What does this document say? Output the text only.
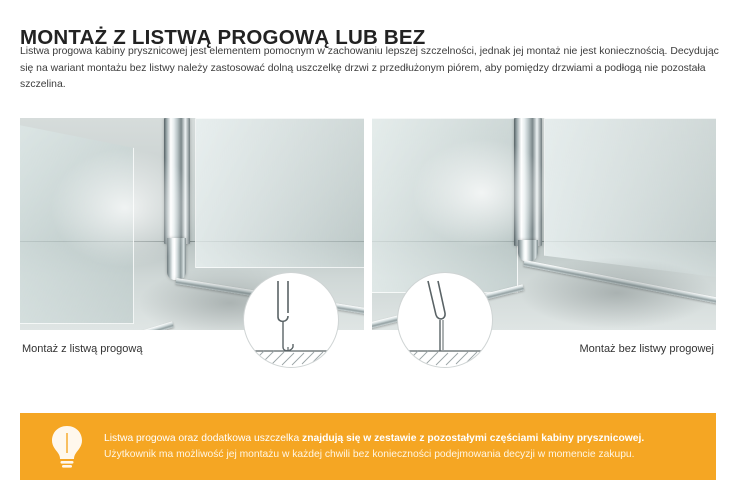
MONTAŻ Z LISTWĄ PROGOWĄ LUB BEZ
Listwa progowa kabiny prysznicowej jest elementem pomocnym w zachowaniu lepszej szczelności, jednak jej montaż nie jest koniecznością. Decydując się na wariant montażu bez listwy należy zastosować dolną uszczelkę drzwi z przedłużonym piórem, aby pomiędzy drzwiami a podłogą nie pozostała szczelina.
Montaż z listwą progową	Montaż bez listwy progowej
Listwa progowa oraz dodatkowa uszczelka znajdują się w zestawie z pozostałymi częściami kabiny prysznicowej.
Użytkownik ma możliwość jej montażu w każdej chwili bez konieczności podejmowania decyzji w momencie zakupu.
